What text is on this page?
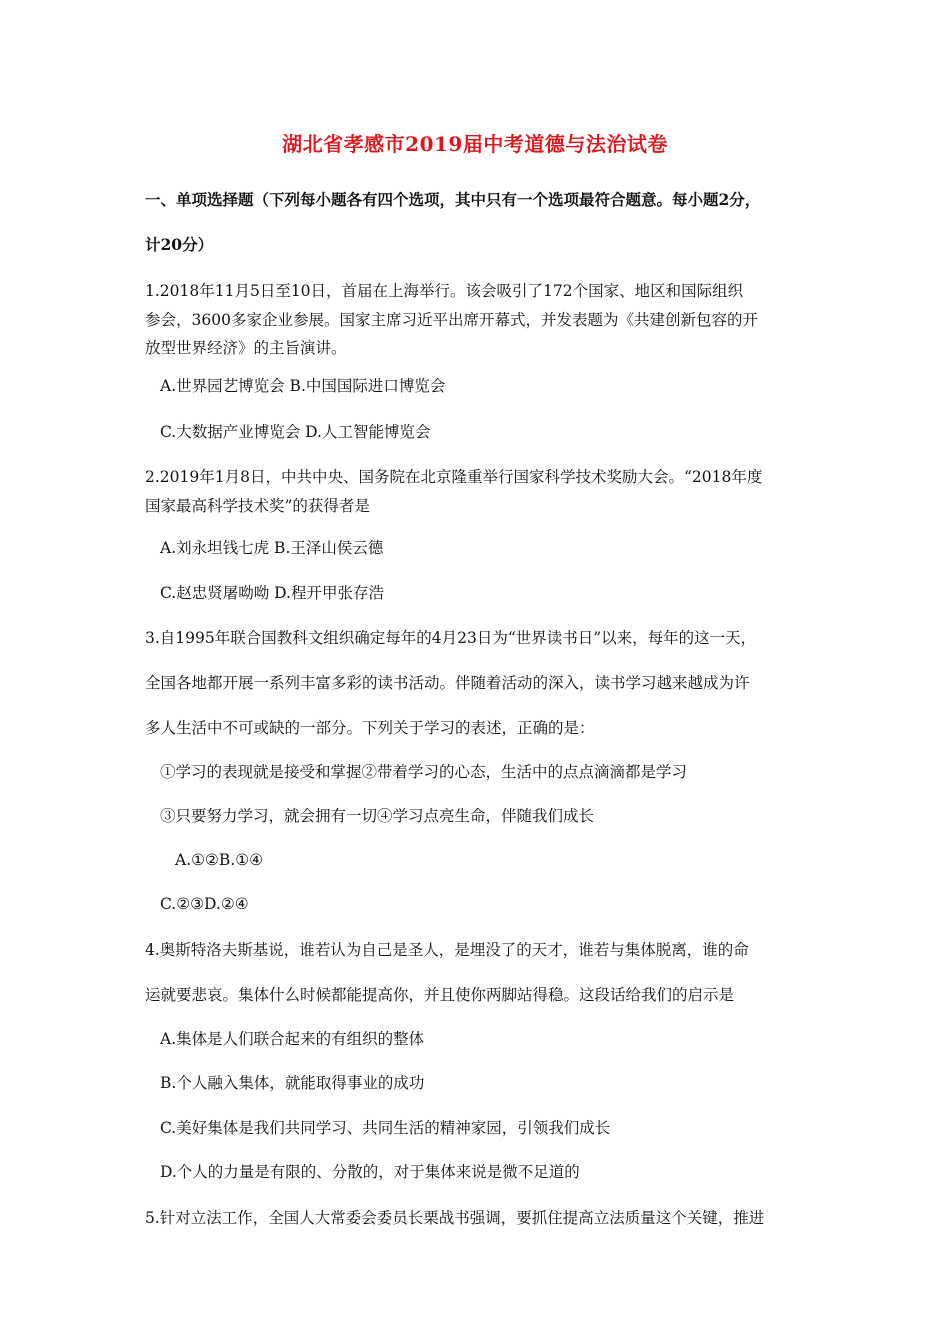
湖北省孝感市2019届中考道德与法治试卷
一、单项选择题（下列每小题各有四个选项，其中只有一个选项最符合题意。每小题2分，
计20分）
1.2018年11月5日至10日，首届在上海举行。该会吸引了172个国家、地区和国际组织
参会，3600多家企业参展。国家主席习近平出席开幕式，并发表题为《共建创新包容的开
放型世界经济》的主旨演讲。
A.世界园艺博览会 B.中国国际进口博览会
C.大数据产业博览会 D.人工智能博览会
2.2019年1月8日，中共中央、国务院在北京隆重举行国家科学技术奖励大会。“2018年度
国家最高科学技术奖”的获得者是
A.刘永坦钱七虎 B.王泽山侯云德
C.赵忠贤屠呦呦 D.程开甲张存浩
3.自1995年联合国教科文组织确定每年的4月23日为“世界读书日”以来，每年的这一天，
全国各地都开展一系列丰富多彩的读书活动。伴随着活动的深入，读书学习越来越成为许
多人生活中不可或缺的一部分。下列关于学习的表述，正确的是：
①学习的表现就是接受和掌握②带着学习的心态，生活中的点点滴滴都是学习
③只要努力学习，就会拥有一切④学习点亮生命，伴随我们成长
A.①②B.①④
C.②③D.②④
4.奥斯特洛夫斯基说，谁若认为自己是圣人，是埋没了的天才，谁若与集体脱离，谁的命
运就要悲哀。集体什么时候都能提高你，并且使你两脚站得稳。这段话给我们的启示是
A.集体是人们联合起来的有组织的整体
B.个人融入集体，就能取得事业的成功
C.美好集体是我们共同学习、共同生活的精神家园，引领我们成长
D.个人的力量是有限的、分散的，对于集体来说是微不足道的
5.针对立法工作，全国人大常委会委员长栗战书强调，要抓住提高立法质量这个关键，推进
